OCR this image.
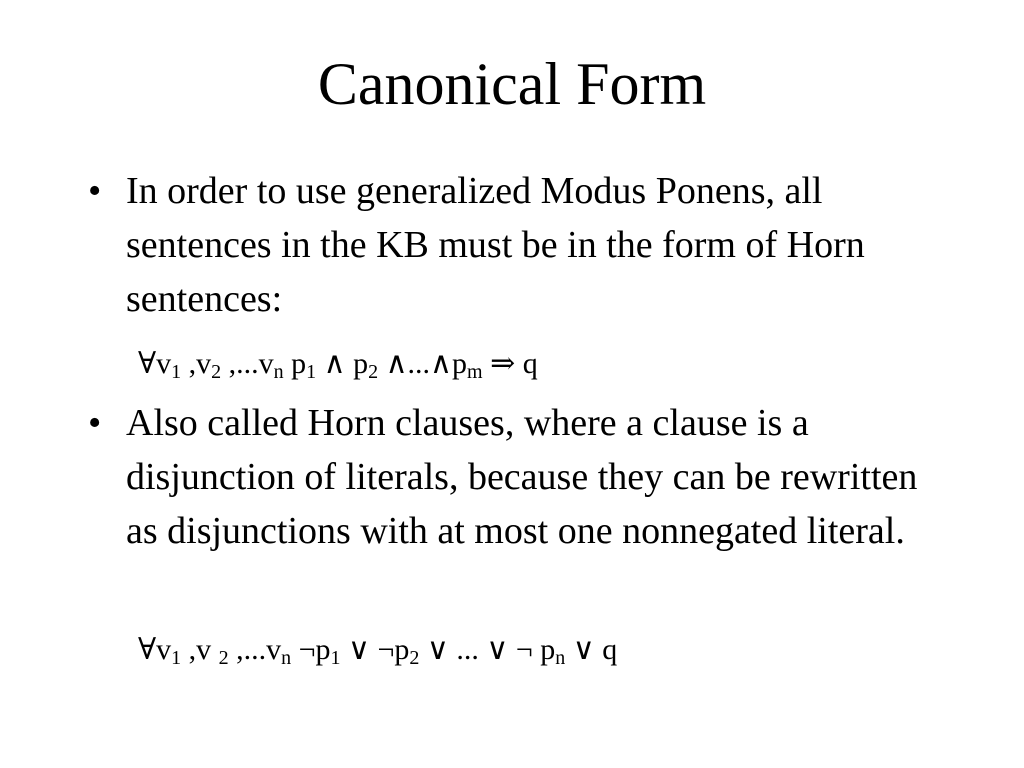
Canonical Form
• In order to use generalized Modus Ponens, all sentences in the KB must be in the form of Horn sentences:
$\forall v_1$ $,v_2$ $,...v_n$ $p_1$ ∧ $p_2$ $\wedge...\wedge p_m$ ⇒ q
• Also called Horn clauses, where a clause is a disjunction of literals, because they can be rewritten as disjunctions with at most one nonnegated literal.
$\forall v_1$ ,v $_2$ $,...v_n$ $\neg p_1$ ∨ $\neg p_2$ ∨ ... ∨ ¬ $p_n$ ∨ q
